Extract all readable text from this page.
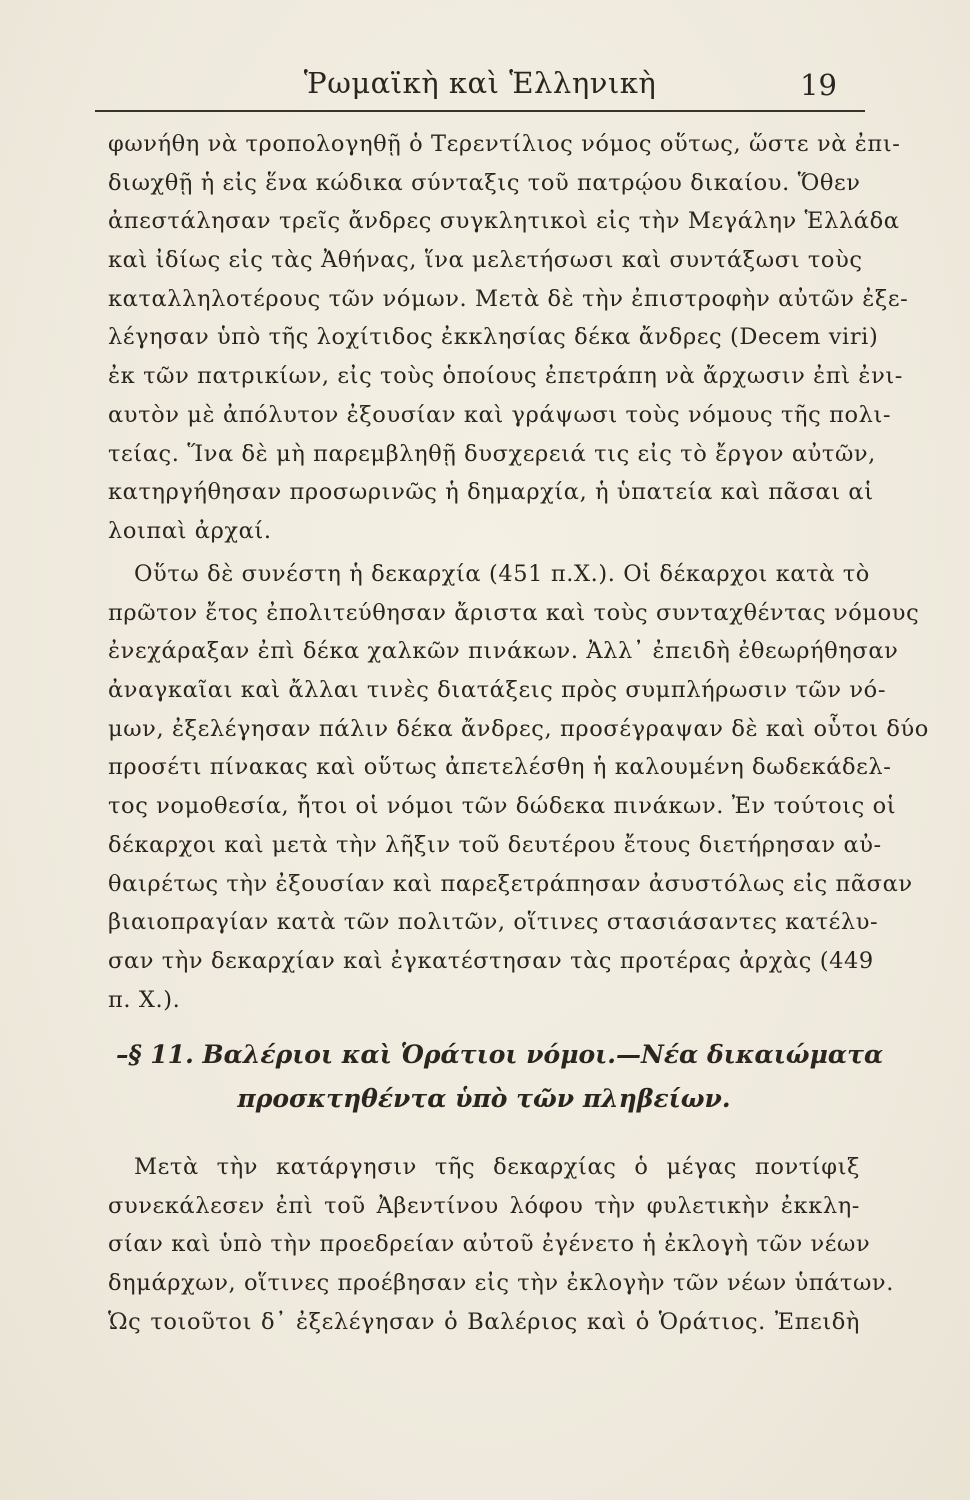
Ῥωμαϊκὴ καὶ Ἑλληνικὴ	19
φωνήθη νὰ τροπολογηθῇ ὁ Τερεντίλιος νόμος οὕτως, ὥστε νὰ ἐπι-
διωχθῇ ἡ εἰς ἕνα κώδικα σύνταξις τοῦ πατρῴου δικαίου. Ὅθεν
ἀπεστάλησαν τρεῖς ἄνδρες συγκλητικοὶ εἰς τὴν Μεγάλην Ἑλλάδα
καὶ ἰδίως εἰς τὰς Ἀθήνας, ἵνα μελετήσωσι καὶ συντάξωσι τοὺς
καταλληλοτέρους τῶν νόμων. Μετὰ δὲ τὴν ἐπιστροφὴν αὐτῶν ἐξε-
λέγησαν ὑπὸ τῆς λοχίτιδος ἐκκλησίας δέκα ἄνδρες (Decem viri)
ἐκ τῶν πατρικίων, εἰς τοὺς ὁποίους ἐπετράπη νὰ ἄρχωσιν ἐπὶ ἐνι-
αυτὸν μὲ ἀπόλυτον ἐξουσίαν καὶ γράψωσι τοὺς νόμους τῆς πολι-
τείας. Ἵνα δὲ μὴ παρεμβληθῇ δυσχερειά τις εἰς τὸ ἔργον αὐτῶν,
κατηργήθησαν προσωρινῶς ἡ δημαρχία, ἡ ὑπατεία καὶ πᾶσαι αἱ
λοιπαὶ ἀρχαί.
Οὕτω δὲ συνέστη ἡ δεκαρχία (451 π.Χ.). Οἱ δέκαρχοι κατὰ τὸ
πρῶτον ἔτος ἐπολιτεύθησαν ἄριστα καὶ τοὺς συνταχθέντας νόμους
ἐνεχάραξαν ἐπὶ δέκα χαλκῶν πινάκων. Ἀλλ᾽ ἐπειδὴ ἐθεωρήθησαν
ἀναγκαῖαι καὶ ἄλλαι τινὲς διατάξεις πρὸς συμπλήρωσιν τῶν νό-
μων, ἐξελέγησαν πάλιν δέκα ἄνδρες, προσέγραψαν δὲ καὶ οὗτοι δύο
προσέτι πίνακας καὶ οὕτως ἀπετελέσθη ἡ καλουμένη δωδεκάδελ-
τος νομοθεσία, ἤτοι οἱ νόμοι τῶν δώδεκα πινάκων. Ἐν τούτοις οἱ
δέκαρχοι καὶ μετὰ τὴν λῆξιν τοῦ δευτέρου ἔτους διετήρησαν αὐ-
θαιρέτως τὴν ἐξουσίαν καὶ παρεξετράπησαν ἀσυστόλως εἰς πᾶσαν
βιαιοπραγίαν κατὰ τῶν πολιτῶν, οἵτινες στασιάσαντες κατέλυ-
σαν τὴν δεκαρχίαν καὶ ἐγκατέστησαν τὰς προτέρας ἀρχὰς (449
π. Χ.).
–§ 11. Βαλέριοι καὶ Ὁράτιοι νόμοι.—Νέα δικαιώματα
προσκτηθέντα ὑπὸ τῶν πληβείων.
Μετὰ τὴν κατάργησιν τῆς δεκαρχίας ὁ μέγας ποντίφιξ
συνεκάλεσεν ἐπὶ τοῦ Ἀβεντίνου λόφου τὴν φυλετικὴν ἐκκλη-
σίαν καὶ ὑπὸ τὴν προεδρείαν αὐτοῦ ἐγένετο ἡ ἐκλογὴ τῶν νέων
δημάρχων, οἵτινες προέβησαν εἰς τὴν ἐκλογὴν τῶν νέων ὑπάτων.
Ὡς τοιοῦτοι δ᾽ ἐξελέγησαν ὁ Βαλέριος καὶ ὁ Ὁράτιος. Ἐπειδὴ
